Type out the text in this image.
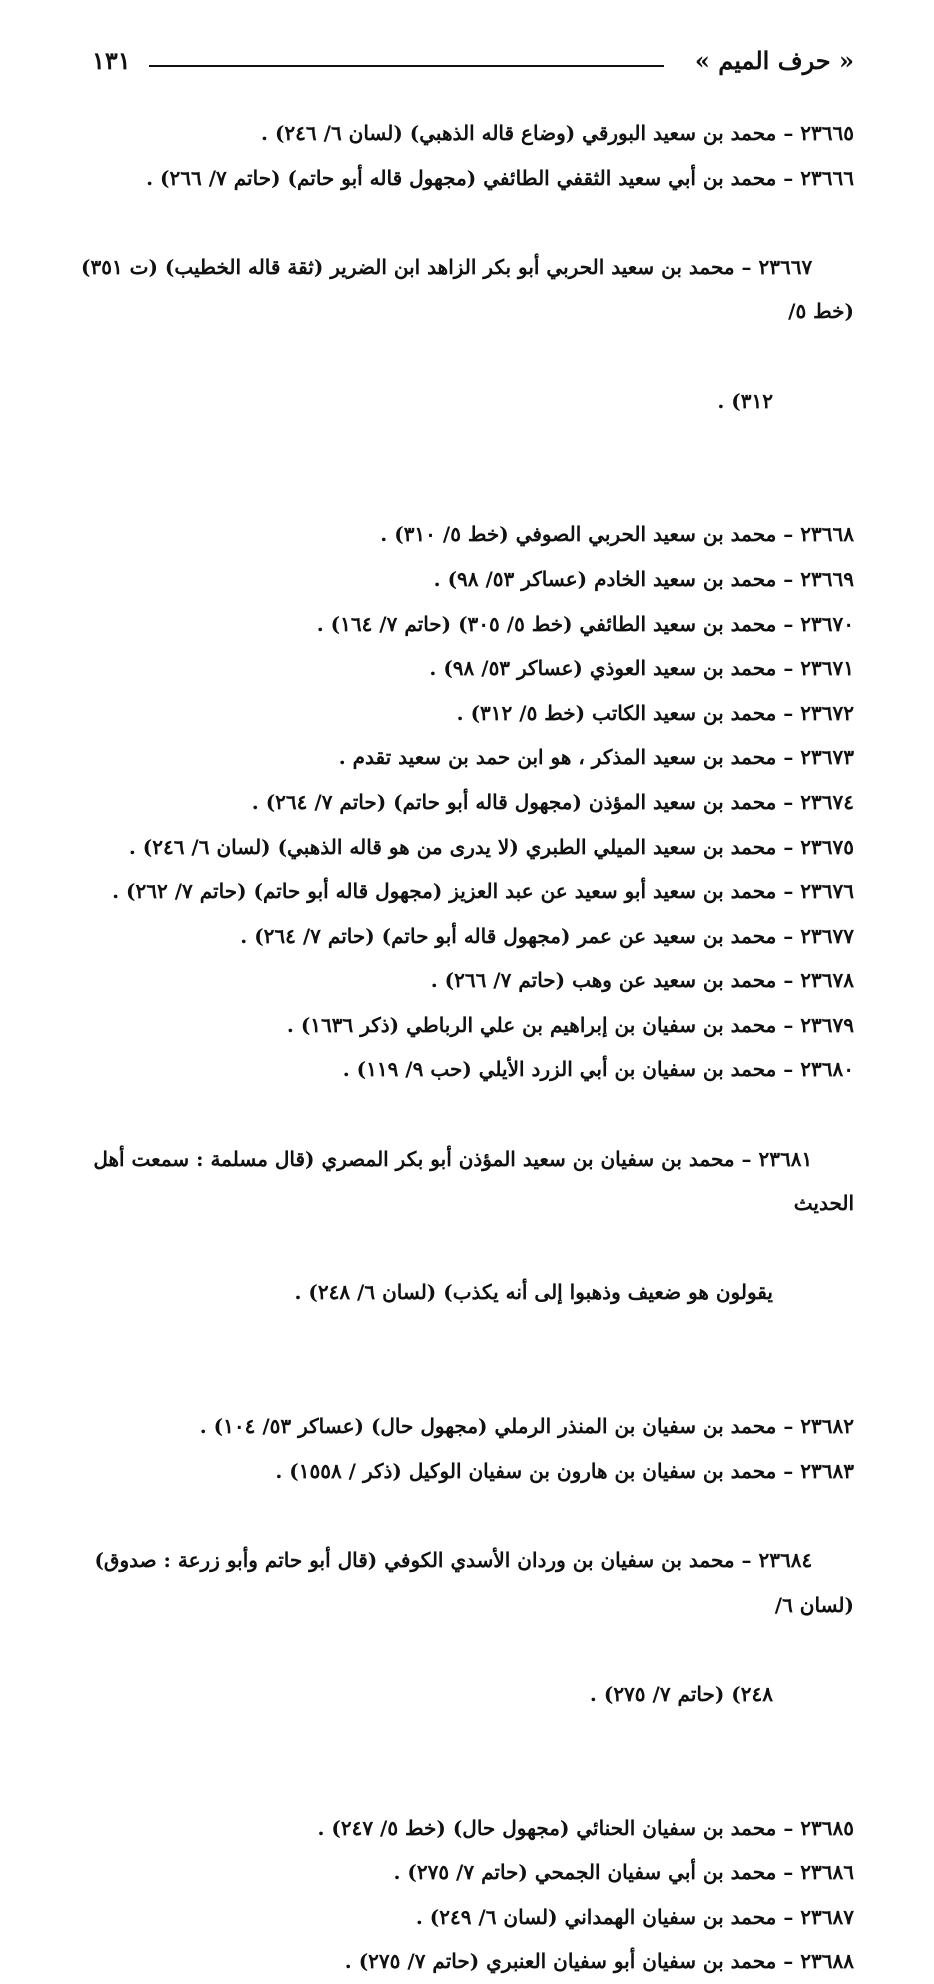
« حرف الميم »
١٣١

٢٣٦٦٥ – محمد بن سعيد البورقي (وضاع قاله الذهبي) (لسان ٦/ ٢٤٦) .

٢٣٦٦٦ – محمد بن أبي سعيد الثقفي الطائفي (مجهول قاله أبو حاتم) (حاتم ٧/ ٢٦٦) .

٢٣٦٦٧ – محمد بن سعيد الحربي أبو بكر الزاهد ابن الضرير (ثقة قاله الخطيب) (ت ٣٥١) (خط ٥/

٣١٢) .

٢٣٦٦٨ – محمد بن سعيد الحربي الصوفي (خط ٥/ ٣١٠) .

٢٣٦٦٩ – محمد بن سعيد الخادم (عساكر ٥٣/ ٩٨) .

٢٣٦٧٠ – محمد بن سعيد الطائفي (خط ٥/ ٣٠٥) (حاتم ٧/ ١٦٤) .

٢٣٦٧١ – محمد بن سعيد العوذي (عساكر ٥٣/ ٩٨) .

٢٣٦٧٢ – محمد بن سعيد الكاتب (خط ٥/ ٣١٢) .

٢٣٦٧٣ – محمد بن سعيد المذكر ، هو ابن حمد بن سعيد تقدم .

٢٣٦٧٤ – محمد بن سعيد المؤذن (مجهول قاله أبو حاتم) (حاتم ٧/ ٢٦٤) .

٢٣٦٧٥ – محمد بن سعيد الميلي الطبري (لا يدرى من هو قاله الذهبي) (لسان ٦/ ٢٤٦) .

٢٣٦٧٦ – محمد بن سعيد أبو سعيد عن عبد العزيز (مجهول قاله أبو حاتم) (حاتم ٧/ ٢٦٢) .

٢٣٦٧٧ – محمد بن سعيد عن عمر (مجهول قاله أبو حاتم) (حاتم ٧/ ٢٦٤) .

٢٣٦٧٨ – محمد بن سعيد عن وهب (حاتم ٧/ ٢٦٦) .

٢٣٦٧٩ – محمد بن سفيان بن إبراهيم بن علي الرباطي (ذكر ١٦٣٦) .

٢٣٦٨٠ – محمد بن سفيان بن أبي الزرد الأيلي (حب ٩/ ١١٩) .

٢٣٦٨١ – محمد بن سفيان بن سعيد المؤذن أبو بكر المصري (قال مسلمة : سمعت أهل الحديث

يقولون هو ضعيف وذهبوا إلى أنه يكذب) (لسان ٦/ ٢٤٨) .

٢٣٦٨٢ – محمد بن سفيان بن المنذر الرملي (مجهول حال) (عساكر ٥٣/ ١٠٤) .

٢٣٦٨٣ – محمد بن سفيان بن هارون بن سفيان الوكيل (ذكر / ١٥٥٨) .

٢٣٦٨٤ – محمد بن سفيان بن وردان الأسدي الكوفي (قال أبو حاتم وأبو زرعة : صدوق) (لسان ٦/

٢٤٨) (حاتم ٧/ ٢٧٥) .

٢٣٦٨٥ – محمد بن سفيان الحنائي (مجهول حال) (خط ٥/ ٢٤٧) .

٢٣٦٨٦ – محمد بن أبي سفيان الجمحي (حاتم ٧/ ٢٧٥) .

٢٣٦٨٧ – محمد بن سفيان الهمداني (لسان ٦/ ٢٤٩) .

٢٣٦٨٨ – محمد بن سفيان أبو سفيان العنبري (حاتم ٧/ ٢٧٥) .
